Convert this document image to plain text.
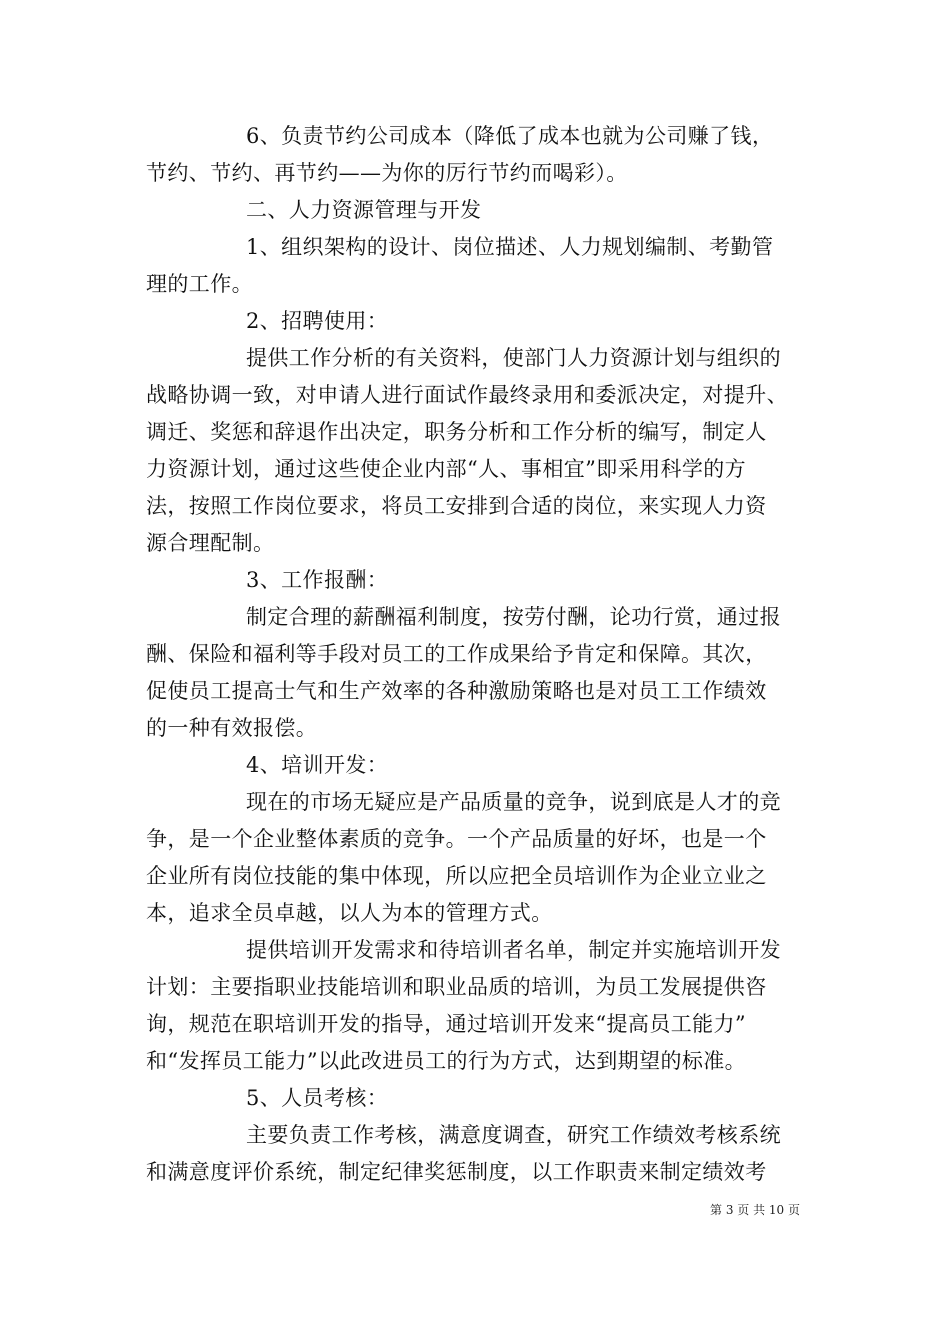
6、负责节约公司成本（降低了成本也就为公司赚了钱，
节约、节约、再节约——为你的厉行节约而喝彩）。
二、人力资源管理与开发
1、组织架构的设计、岗位描述、人力规划编制、考勤管
理的工作。
2、招聘使用：
提供工作分析的有关资料，使部门人力资源计划与组织的
战略协调一致，对申请人进行面试作最终录用和委派决定，对提升、
调迁、奖惩和辞退作出决定，职务分析和工作分析的编写，制定人
力资源计划，通过这些使企业内部“人、事相宜”即采用科学的方
法，按照工作岗位要求，将员工安排到合适的岗位，来实现人力资
源合理配制。
3、工作报酬：
制定合理的薪酬福利制度，按劳付酬，论功行赏，通过报
酬、保险和福利等手段对员工的工作成果给予肯定和保障。其次，
促使员工提高士气和生产效率的各种激励策略也是对员工工作绩效
的一种有效报偿。
4、培训开发：
现在的市场无疑应是产品质量的竞争，说到底是人才的竞
争，是一个企业整体素质的竞争。一个产品质量的好坏，也是一个
企业所有岗位技能的集中体现，所以应把全员培训作为企业立业之
本，追求全员卓越，以人为本的管理方式。
提供培训开发需求和待培训者名单，制定并实施培训开发
计划：主要指职业技能培训和职业品质的培训，为员工发展提供咨
询，规范在职培训开发的指导，通过培训开发来“提高员工能力”
和“发挥员工能力”以此改进员工的行为方式，达到期望的标准。
5、人员考核：
主要负责工作考核，满意度调查，研究工作绩效考核系统
和满意度评价系统，制定纪律奖惩制度，以工作职责来制定绩效考
第 3 页 共 10 页
